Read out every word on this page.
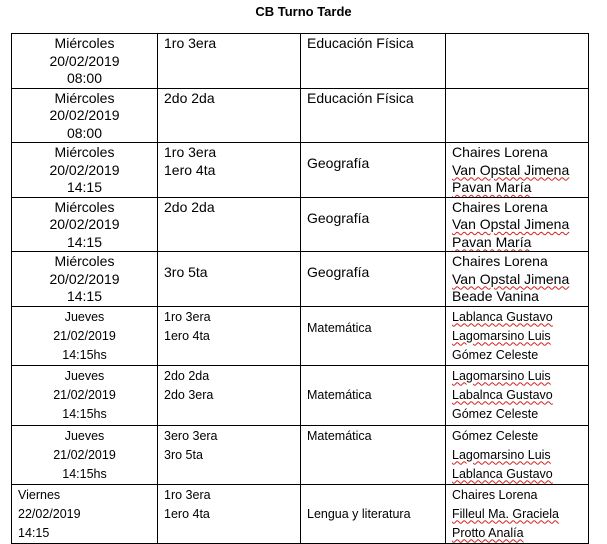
CB Turno Tarde
Miércoles
20/02/2019
08:00	1ro 3era	Educación Física	

Miércoles
20/02/2019
08:00	2do 2da	Educación Física	

Miércoles
20/02/2019
14:15	1ro 3era
1ero 4ta	Geografía	Chaires Lorena
Van Opstal Jimena
Pavan María

Miércoles
20/02/2019
14:15	2do 2da	Geografía	Chaires Lorena
Van Opstal Jimena
Pavan María

Miércoles
20/02/2019
14:15	3ro 5ta	Geografía	Chaires Lorena
Van Opstal Jimena
Beade Vanina

Jueves
21/02/2019
14:15hs	1ro 3era
1ero 4ta	Matemática	Lablanca Gustavo
Lagomarsino Luis
Gómez Celeste

Jueves
21/02/2019
14:15hs	2do 2da
2do 3era	Matemática	Lagomarsino Luis
Labalnca Gustavo
Gómez Celeste

Jueves
21/02/2019
14:15hs	3ero 3era
3ro 5ta	Matemática	Gómez Celeste
Lagomarsino Luis
Lablanca Gustavo

Viernes
22/02/2019
14:15	1ro 3era
1ero 4ta	Lengua y literatura	Chaires Lorena
Filleul Ma. Graciela
Protto Analía
